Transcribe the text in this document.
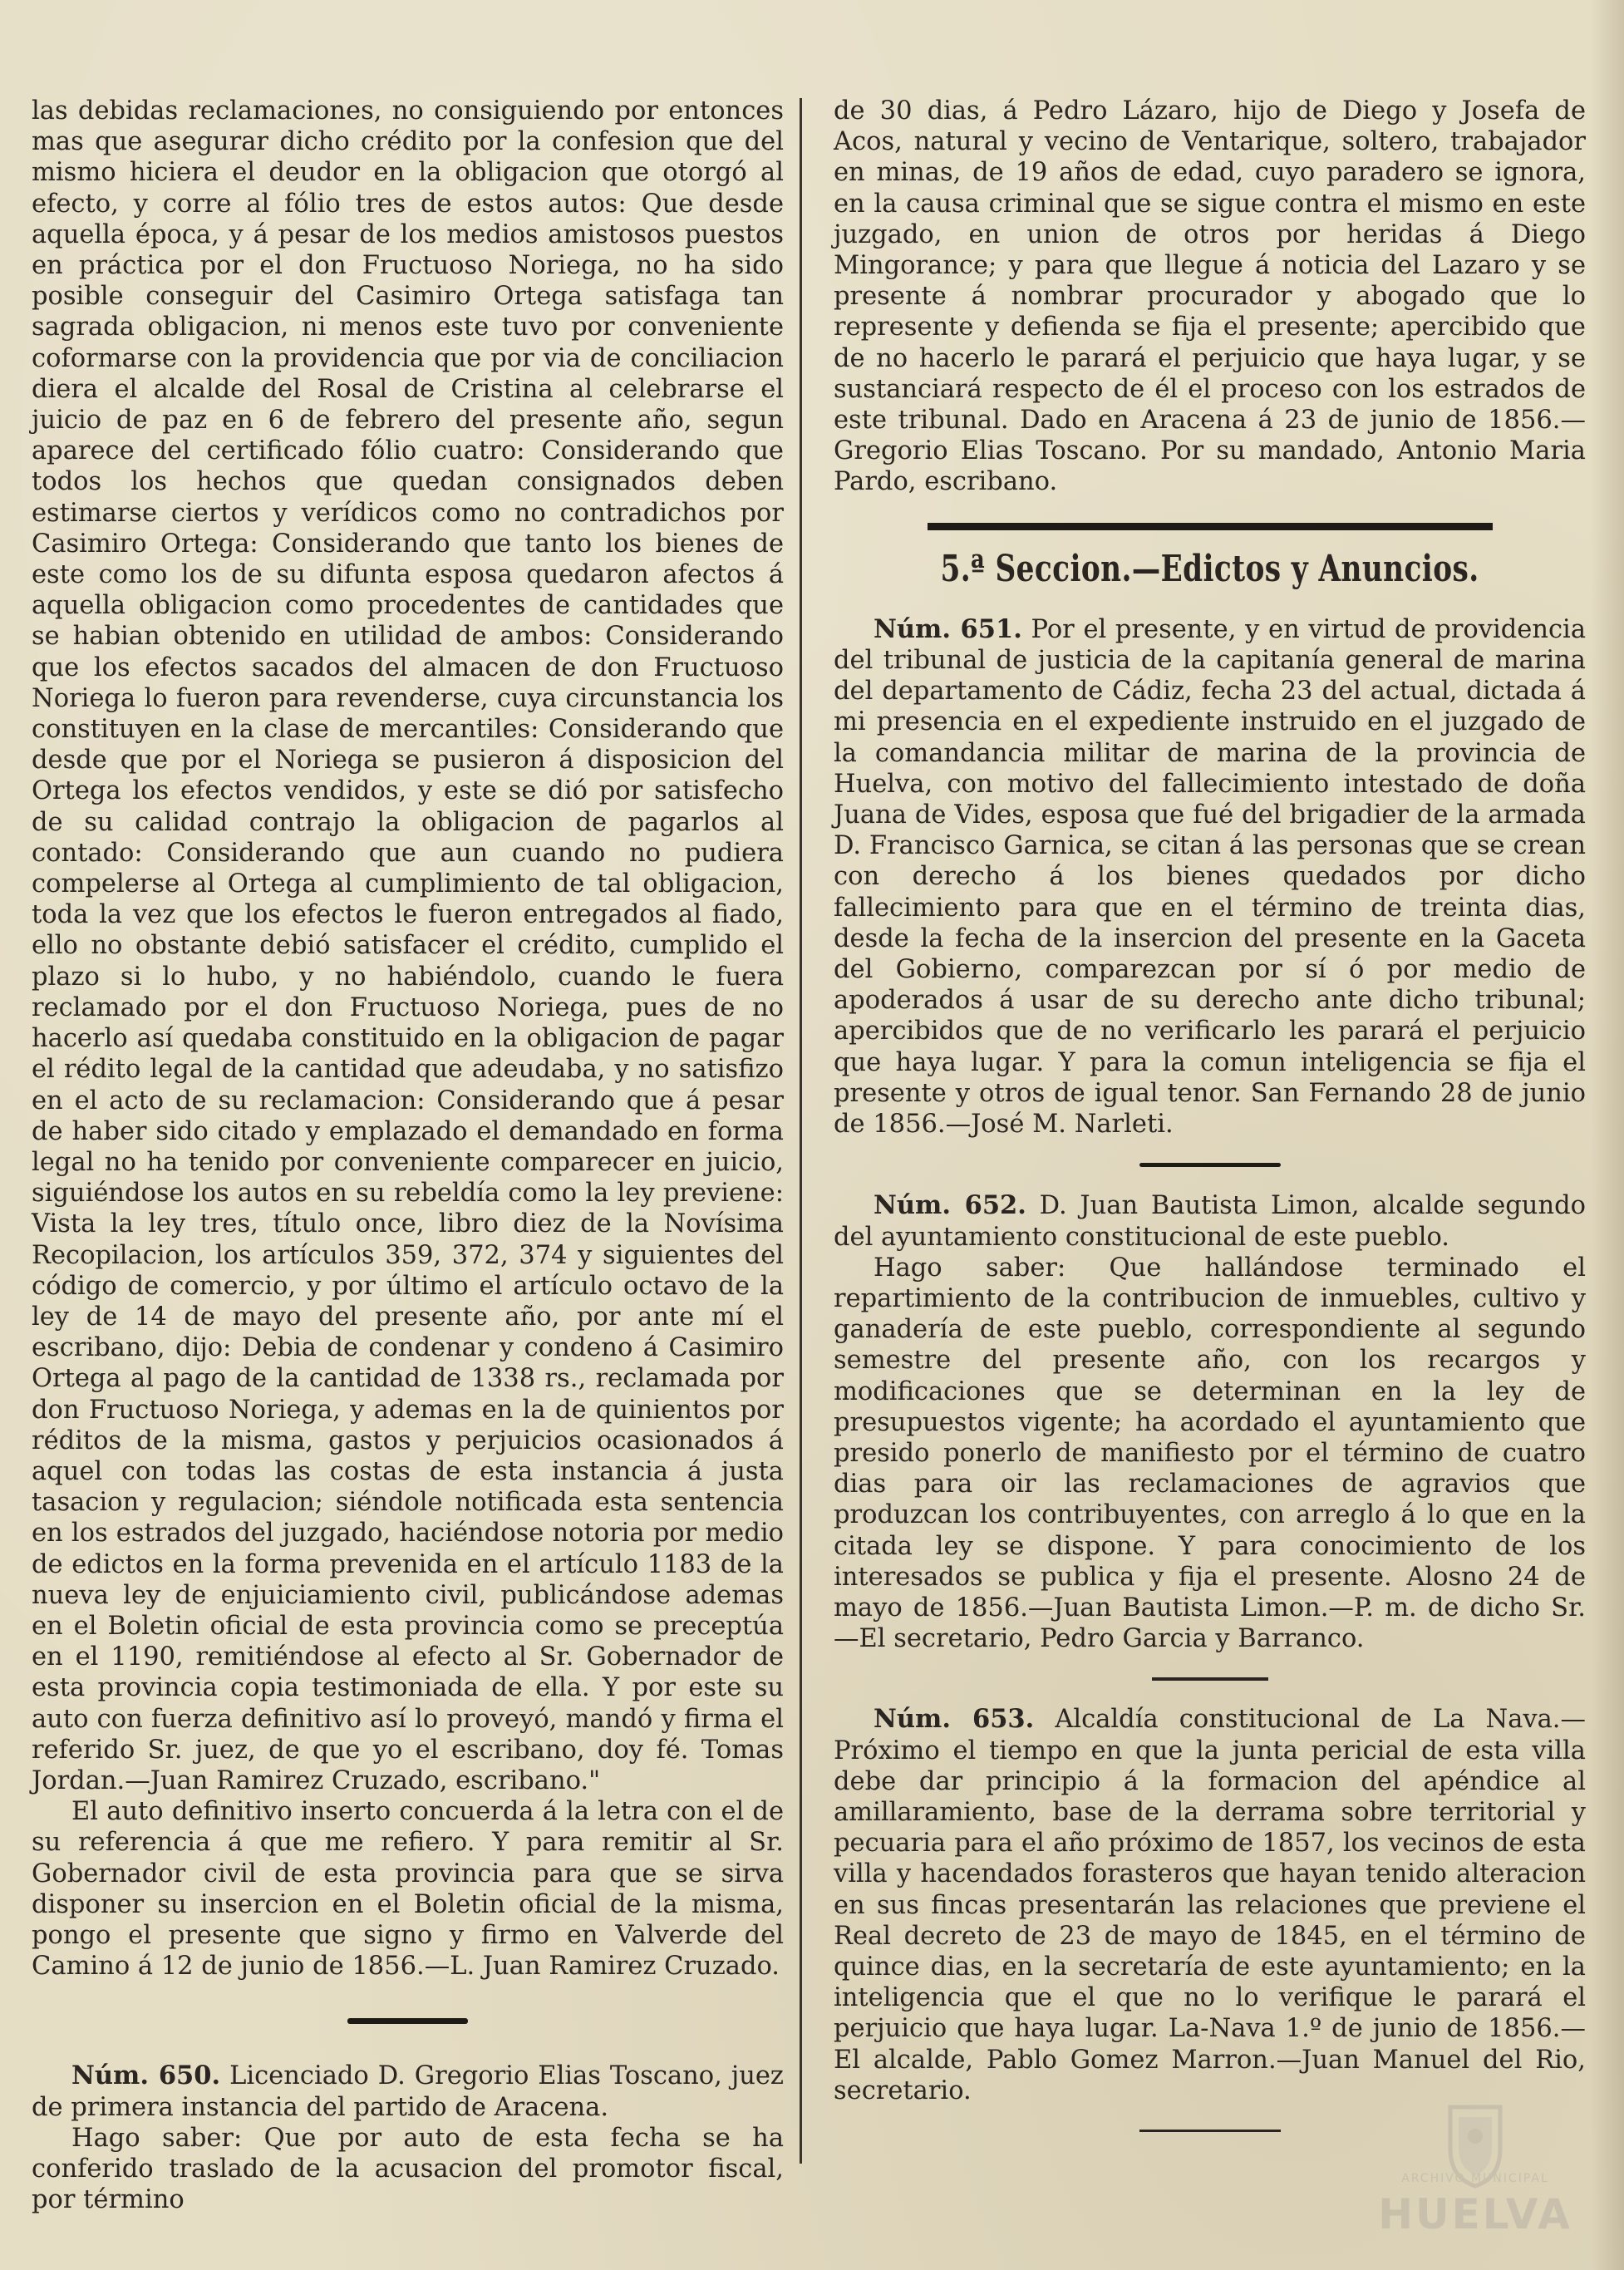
las debidas reclamaciones, no consiguiendo por entonces mas que asegurar dicho crédito por la confesion que del mismo hiciera el deudor en la obligacion que otorgó al efecto, y corre al fólio tres de estos autos: Que desde aquella época, y á pesar de los medios amistosos puestos en práctica por el don Fructuoso Noriega, no ha sido posible conseguir del Casimiro Ortega satisfaga tan sagrada obligacion, ni menos este tuvo por conveniente coformarse con la providencia que por via de conciliacion diera el alcalde del Rosal de Cristina al celebrarse el juicio de paz en 6 de febrero del presente año, segun aparece del certificado fólio cuatro: Considerando que todos los hechos que quedan consignados deben estimarse ciertos y verídicos como no contradichos por Casimiro Ortega: Considerando que tanto los bienes de este como los de su difunta esposa quedaron afectos á aquella obligacion como procedentes de cantidades que se habian obtenido en utilidad de ambos: Considerando que los efectos sacados del almacen de don Fructuoso Noriega lo fueron para revenderse, cuya circunstancia los constituyen en la clase de mercantiles: Considerando que desde que por el Noriega se pusieron á disposicion del Ortega los efectos vendidos, y este se dió por satisfecho de su calidad contrajo la obligacion de pagarlos al contado: Considerando que aun cuando no pudiera compelerse al Ortega al cumplimiento de tal obligacion, toda la vez que los efectos le fueron entregados al fiado, ello no obstante debió satisfacer el crédito, cumplido el plazo si lo hubo, y no habiéndolo, cuando le fuera reclamado por el don Fructuoso Noriega, pues de no hacerlo así quedaba constituido en la obligacion de pagar el rédito legal de la cantidad que adeudaba, y no satisfizo en el acto de su reclamacion: Considerando que á pesar de haber sido citado y emplazado el demandado en forma legal no ha tenido por conveniente comparecer en juicio, siguiéndose los autos en su rebeldía como la ley previene: Vista la ley tres, título once, libro diez de la Novísima Recopilacion, los artículos 359, 372, 374 y siguientes del código de comercio, y por último el artículo octavo de la ley de 14 de mayo del presente año, por ante mí el escribano, dijo: Debia de condenar y condeno á Casimiro Ortega al pago de la cantidad de 1338 rs., reclamada por don Fructuoso Noriega, y ademas en la de quinientos por réditos de la misma, gastos y perjuicios ocasionados á aquel con todas las costas de esta instancia á justa tasacion y regulacion; siéndole notificada esta sentencia en los estrados del juzgado, haciéndose notoria por medio de edictos en la forma prevenida en el artículo 1183 de la nueva ley de enjuiciamiento civil, publicándose ademas en el Boletin oficial de esta provincia como se preceptúa en el 1190, remitiéndose al efecto al Sr. Gobernador de esta provincia copia testimoniada de ella. Y por este su auto con fuerza definitivo así lo proveyó, mandó y firma el referido Sr. juez, de que yo el escribano, doy fé. Tomas Jordan.—Juan Ramirez Cruzado, escribano."

El auto definitivo inserto concuerda á la letra con el de su referencia á que me refiero. Y para remitir al Sr. Gobernador civil de esta provincia para que se sirva disponer su insercion en el Boletin oficial de la misma, pongo el presente que signo y firmo en Valverde del Camino á 12 de junio de 1856.—L. Juan Ramirez Cruzado.

Núm. 650. Licenciado D. Gregorio Elias Toscano, juez de primera instancia del partido de Aracena.

Hago saber: Que por auto de esta fecha se ha conferido traslado de la acusacion del promotor fiscal, por término

de 30 dias, á Pedro Lázaro, hijo de Diego y Josefa de Acos, natural y vecino de Ventarique, soltero, trabajador en minas, de 19 años de edad, cuyo paradero se ignora, en la causa criminal que se sigue contra el mismo en este juzgado, en union de otros por heridas á Diego Mingorance; y para que llegue á noticia del Lazaro y se presente á nombrar procurador y abogado que lo represente y defienda se fija el presente; apercibido que de no hacerlo le parará el perjuicio que haya lugar, y se sustanciará respecto de él el proceso con los estrados de este tribunal. Dado en Aracena á 23 de junio de 1856.—Gregorio Elias Toscano. Por su mandado, Antonio Maria Pardo, escribano.

5.ª Seccion.—Edictos y Anuncios.

Núm. 651. Por el presente, y en virtud de providencia del tribunal de justicia de la capitanía general de marina del departamento de Cádiz, fecha 23 del actual, dictada á mi presencia en el expediente instruido en el juzgado de la comandancia militar de marina de la provincia de Huelva, con motivo del fallecimiento intestado de doña Juana de Vides, esposa que fué del brigadier de la armada D. Francisco Garnica, se citan á las personas que se crean con derecho á los bienes quedados por dicho fallecimiento para que en el término de treinta dias, desde la fecha de la insercion del presente en la Gaceta del Gobierno, comparezcan por sí ó por medio de apoderados á usar de su derecho ante dicho tribunal; apercibidos que de no verificarlo les parará el perjuicio que haya lugar. Y para la comun inteligencia se fija el presente y otros de igual tenor. San Fernando 28 de junio de 1856.—José M. Narleti.

Núm. 652. D. Juan Bautista Limon, alcalde segundo del ayuntamiento constitucional de este pueblo.

Hago saber: Que hallándose terminado el repartimiento de la contribucion de inmuebles, cultivo y ganadería de este pueblo, correspondiente al segundo semestre del presente año, con los recargos y modificaciones que se determinan en la ley de presupuestos vigente; ha acordado el ayuntamiento que presido ponerlo de manifiesto por el término de cuatro dias para oir las reclamaciones de agravios que produzcan los contribuyentes, con arreglo á lo que en la citada ley se dispone. Y para conocimiento de los interesados se publica y fija el presente. Alosno 24 de mayo de 1856.—Juan Bautista Limon.—P. m. de dicho Sr.—El secretario, Pedro Garcia y Barranco.

Núm. 653. Alcaldía constitucional de La Nava.—Próximo el tiempo en que la junta pericial de esta villa debe dar principio á la formacion del apéndice al amillaramiento, base de la derrama sobre territorial y pecuaria para el año próximo de 1857, los vecinos de esta villa y hacendados forasteros que hayan tenido alteracion en sus fincas presentarán las relaciones que previene el Real decreto de 23 de mayo de 1845, en el término de quince dias, en la secretaría de este ayuntamiento; en la inteligencia que el que no lo verifique le parará el perjuicio que haya lugar. La-Nava 1.º de junio de 1856.—El alcalde, Pablo Gomez Marron.—Juan Manuel del Rio, secretario.

ARCHIVO MUNICIPAL
HUELVA
